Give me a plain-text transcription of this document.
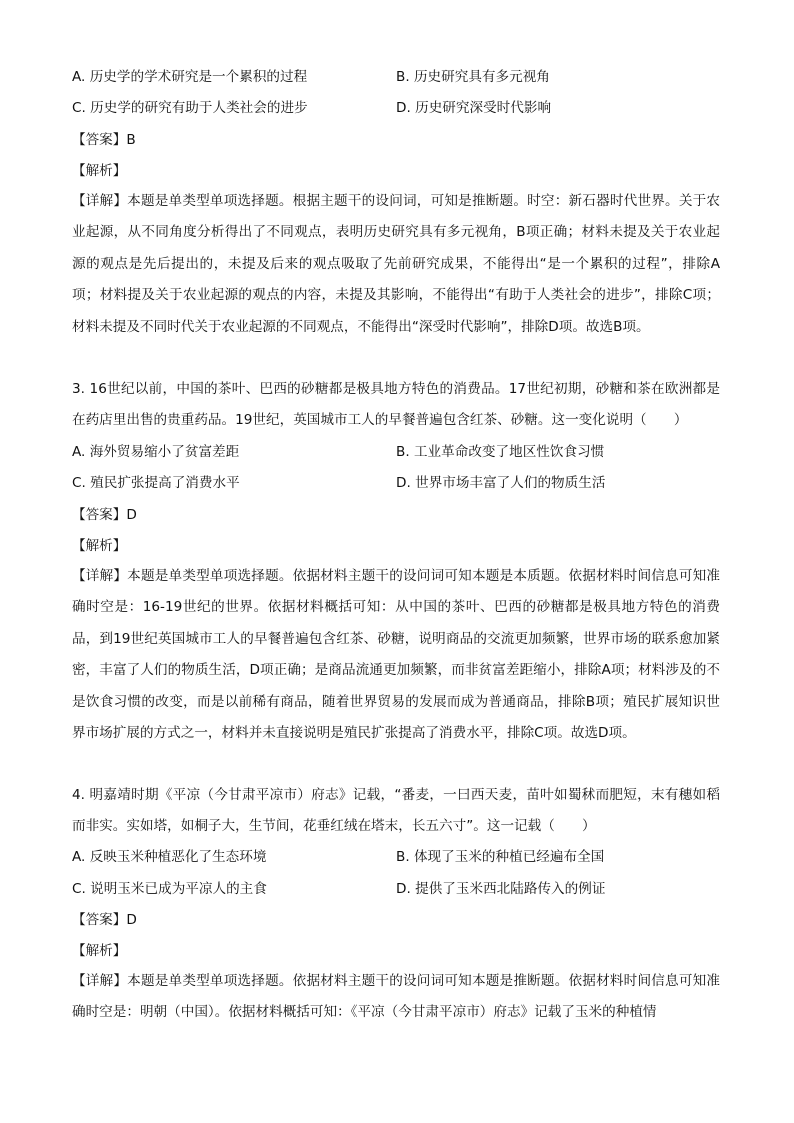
A. 历史学的学术研究是一个累积的过程	B. 历史研究具有多元视角
C. 历史学的研究有助于人类社会的进步	D. 历史研究深受时代影响
【答案】B
【解析】

【详解】本题是单类型单项选择题。根据主题干的设问词，可知是推断题。时空：新石器时代世界。关于农业起源，从不同角度分析得出了不同观点，表明历史研究具有多元视角，B项正确；材料未提及关于农业起源的观点是先后提出的，未提及后来的观点吸取了先前研究成果，不能得出“是一个累积的过程”，排除A项；材料提及关于农业起源的观点的内容，未提及其影响，不能得出“有助于人类社会的进步”，排除C项；材料未提及不同时代关于农业起源的不同观点，不能得出“深受时代影响”，排除D项。故选B项。

3. 16世纪以前，中国的茶叶、巴西的砂糖都是极具地方特色的消费品。17世纪初期，砂糖和茶在欧洲都是在药店里出售的贵重药品。19世纪，英国城市工人的早餐普遍包含红茶、砂糖。这一变化说明（　　）

A. 海外贸易缩小了贫富差距	B. 工业革命改变了地区性饮食习惯
C. 殖民扩张提高了消费水平	D. 世界市场丰富了人们的物质生活
【答案】D
【解析】

【详解】本题是单类型单项选择题。依据材料主题干的设问词可知本题是本质题。依据材料时间信息可知准确时空是：16-19世纪的世界。依据材料概括可知：从中国的茶叶、巴西的砂糖都是极具地方特色的消费品，到19世纪英国城市工人的早餐普遍包含红茶、砂糖，说明商品的交流更加频繁，世界市场的联系愈加紧密，丰富了人们的物质生活，D项正确；是商品流通更加频繁，而非贫富差距缩小，排除A项；材料涉及的不是饮食习惯的改变，而是以前稀有商品，随着世界贸易的发展而成为普通商品，排除B项；殖民扩展知识世界市场扩展的方式之一，材料并未直接说明是殖民扩张提高了消费水平，排除C项。故选D项。

4. 明嘉靖时期《平凉（今甘肃平凉市）府志》记载，“番麦，一曰西天麦，苗叶如蜀秫而肥短，末有穗如稻而非实。实如塔，如桐子大，生节间，花垂红绒在塔末，长五六寸”。这一记载（　　）

A. 反映玉米种植恶化了生态环境	B. 体现了玉米的种植已经遍布全国
C. 说明玉米已成为平凉人的主食	D. 提供了玉米西北陆路传入的例证
【答案】D
【解析】

【详解】本题是单类型单项选择题。依据材料主题干的设问词可知本题是推断题。依据材料时间信息可知准确时空是：明朝（中国）。依据材料概括可知：《平凉（今甘肃平凉市）府志》记载了玉米的种植情
